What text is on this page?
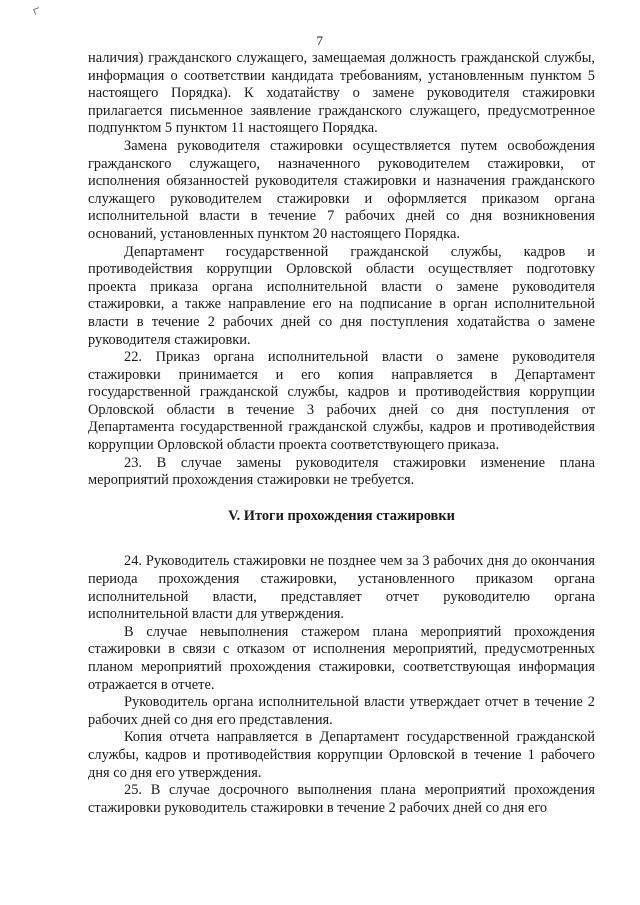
7

наличия) гражданского служащего, замещаемая должность гражданской службы, информация о соответствии кандидата требованиям, установленным пунктом 5 настоящего Порядка). К ходатайству о замене руководителя стажировки прилагается письменное заявление гражданского служащего, предусмотренное подпунктом 5 пунктом 11 настоящего Порядка.

Замена руководителя стажировки осуществляется путем освобождения гражданского служащего, назначенного руководителем стажировки, от исполнения обязанностей руководителя стажировки и назначения гражданского служащего руководителем стажировки и оформляется приказом органа исполнительной власти в течение 7 рабочих дней со дня возникновения оснований, установленных пунктом 20 настоящего Порядка.

Департамент государственной гражданской службы, кадров и противодействия коррупции Орловской области осуществляет подготовку проекта приказа органа исполнительной власти о замене руководителя стажировки, а также направление его на подписание в орган исполнительной власти в течение 2 рабочих дней со дня поступления ходатайства о замене руководителя стажировки.

22. Приказ органа исполнительной власти о замене руководителя стажировки принимается и его копия направляется в Департамент государственной гражданской службы, кадров и противодействия коррупции Орловской области в течение 3 рабочих дней со дня поступления от Департамента государственной гражданской службы, кадров и противодействия коррупции Орловской области проекта соответствующего приказа.

23. В случае замены руководителя стажировки изменение плана мероприятий прохождения стажировки не требуется.

V. Итоги прохождения стажировки

24. Руководитель стажировки не позднее чем за 3 рабочих дня до окончания периода прохождения стажировки, установленного приказом органа исполнительной власти, представляет отчет руководителю органа исполнительной власти для утверждения.

В случае невыполнения стажером плана мероприятий прохождения стажировки в связи с отказом от исполнения мероприятий, предусмотренных планом мероприятий прохождения стажировки, соответствующая информация отражается в отчете.

Руководитель органа исполнительной власти утверждает отчет в течение 2 рабочих дней со дня его представления.

Копия отчета направляется в Департамент государственной гражданской службы, кадров и противодействия коррупции Орловской в течение 1 рабочего дня со дня его утверждения.

25. В случае досрочного выполнения плана мероприятий прохождения стажировки руководитель стажировки в течение 2 рабочих дней со дня его
